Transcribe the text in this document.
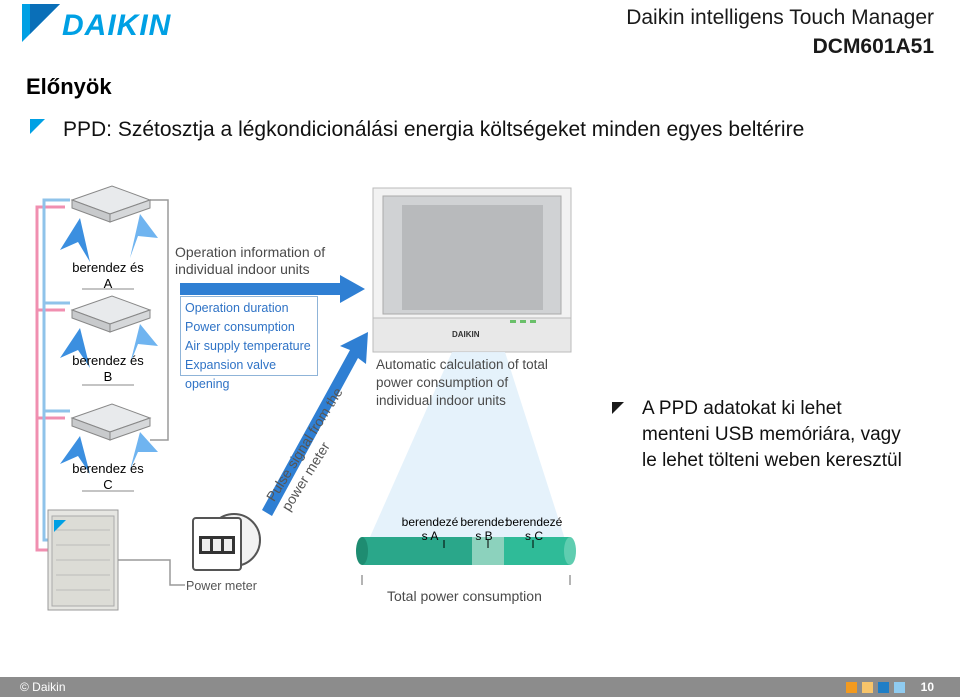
DAIKIN	Daikin intelligens Touch Manager
DCM601A51
Előnyök
PPD: Szétosztja a légkondicionálási energia költségeket minden egyes beltérire
DAIKIN
berendez és A
berendez és B
berendez és C
Operation information of individual indoor units
Operation duration
Power consumption
Air supply temperature
Expansion valve opening
Automatic calculation of total power consumption of individual indoor units
Pulse signal from the power meter
Power meter
Total power consumption
berendezé s A
berende: s B
berendezé s C
A PPD adatokat ki lehet menteni USB memóriára, vagy le lehet tölteni weben keresztül
© Daikin	10
